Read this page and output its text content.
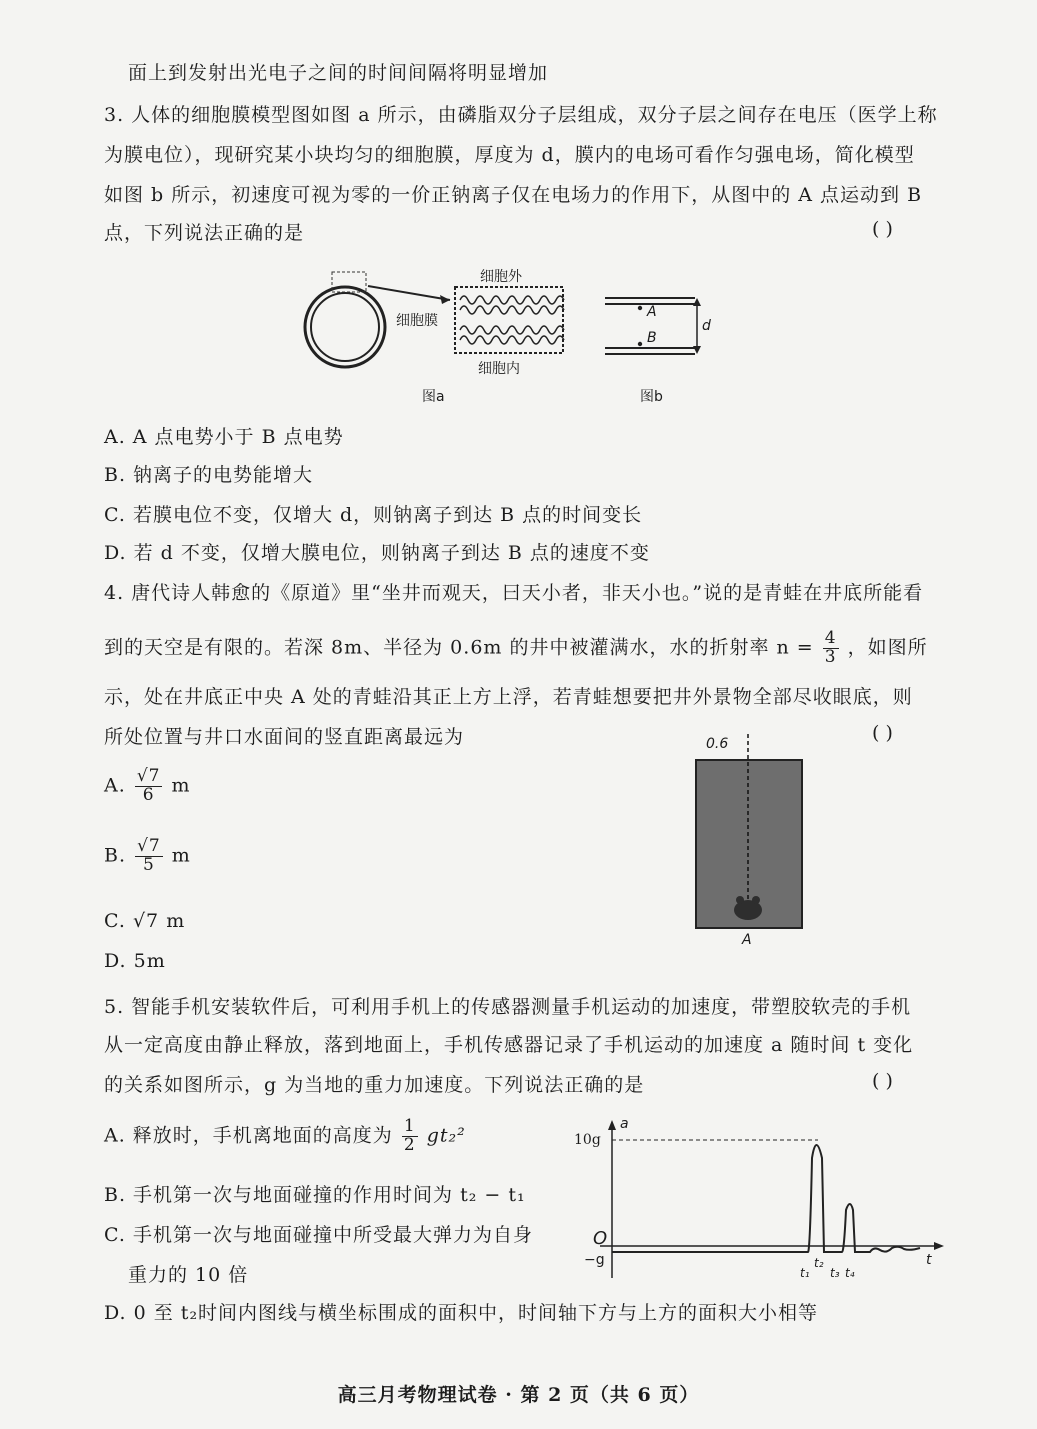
面上到发射出光电子之间的时间间隔将明显增加
3. 人体的细胞膜模型图如图 a 所示，由磷脂双分子层组成，双分子层之间存在电压（医学上称
为膜电位），现研究某小块均匀的细胞膜，厚度为 d，膜内的电场可看作匀强电场，简化模型
如图 b 所示，初速度可视为零的一价正钠离子仅在电场力的作用下，从图中的 A 点运动到 B
点，下列说法正确的是	( )
细胞外
细胞膜
细胞内
图a
A
B
d
图b
A. A 点电势小于 B 点电势
B. 钠离子的电势能增大
C. 若膜电位不变，仅增大 d，则钠离子到达 B 点的时间变长
D. 若 d 不变，仅增大膜电位，则钠离子到达 B 点的速度不变
4. 唐代诗人韩愈的《原道》里“坐井而观天，曰天小者，非天小也。”说的是青蛙在井底所能看
到的天空是有限的。若深 8m、半径为 0.6m 的井中被灌满水，水的折射率 $n = \frac{4}{3}$ ，如图所
示，处在井底正中央 A 处的青蛙沿其正上方上浮，若青蛙想要把井外景物全部尽收眼底，则
所处位置与井口水面间的竖直距离最远为	( )
0.6
A
A. $\frac{√7}{6}$ m
B. $\frac{√7}{5}$ m
C. √7 m
D. 5m
5. 智能手机安装软件后，可利用手机上的传感器测量手机运动的加速度，带塑胶软壳的手机
从一定高度由静止释放，落到地面上，手机传感器记录了手机运动的加速度 a 随时间 t 变化
的关系如图所示，g 为当地的重力加速度。下列说法正确的是	( )
A. 释放时，手机离地面的高度为 $\frac{1}{2} gt_2^2$
B. 手机第一次与地面碰撞的作用时间为 t₂ − t₁
C. 手机第一次与地面碰撞中所受最大弹力为自身
重力的 10 倍
D. 0 至 t₂时间内图线与横坐标围成的面积中，时间轴下方与上方的面积大小相等
10g
a
O
−g	t
t₁
t₂
t₃ t₄
高三月考物理试卷 · 第 2 页（共 6 页）
